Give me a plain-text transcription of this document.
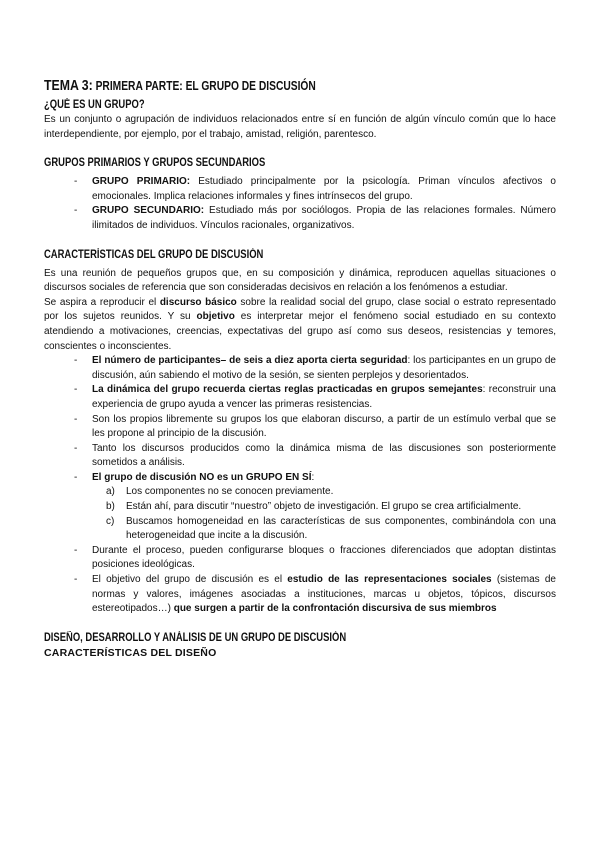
TEMA 3: PRIMERA PARTE: EL GRUPO DE DISCUSIÓN
¿QUÉ ES UN GRUPO?

Es un conjunto o agrupación de individuos relacionados entre sí en función de algún vínculo común que lo hace interdependiente, por ejemplo, por el trabajo, amistad, religión, parentesco.

GRUPOS PRIMARIOS Y GRUPOS SECUNDARIOS
- GRUPO PRIMARIO: Estudiado principalmente por la psicología. Priman vínculos afectivos o emocionales. Implica relaciones informales y fines intrínsecos del grupo.
- GRUPO SECUNDARIO: Estudiado más por sociólogos. Propia de las relaciones formales. Número ilimitados de individuos. Vínculos racionales, organizativos.
CARACTERÍSTICAS DEL GRUPO DE DISCUSIÓN

Es una reunión de pequeños grupos que, en su composición y dinámica, reproducen aquellas situaciones o discursos sociales de referencia que son consideradas decisivos en relación a los fenómenos a estudiar.

Se aspira a reproducir el discurso básico sobre la realidad social del grupo, clase social o estrato representado por los sujetos reunidos. Y su objetivo es interpretar mejor el fenómeno social estudiado en su contexto atendiendo a motivaciones, creencias, expectativas del grupo así como sus deseos, resistencias y temores, conscientes o inconscientes.

- El número de participantes– de seis a diez aporta cierta seguridad: los participantes en un grupo de discusión, aún sabiendo el motivo de la sesión, se sienten perplejos y desorientados.
- La dinámica del grupo recuerda ciertas reglas practicadas en grupos semejantes: reconstruir una experiencia de grupo ayuda a vencer las primeras resistencias.
- Son los propios libremente su grupos los que elaboran discurso, a partir de un estímulo verbal que se les propone al principio de la discusión.
- Tanto los discursos producidos como la dinámica misma de las discusiones son posteriormente sometidos a análisis.
- El grupo de discusión NO es un GRUPO EN SÍ:
a) Los componentes no se conocen previamente.
b) Están ahí, para discutir “nuestro” objeto de investigación. El grupo se crea artificialmente.
c) Buscamos homogeneidad en las características de sus componentes, combinándola con una heterogeneidad que incite a la discusión.
- Durante el proceso, pueden configurarse bloques o fracciones diferenciados que adoptan distintas posiciones ideológicas.
- El objetivo del grupo de discusión es el estudio de las representaciones sociales (sistemas de normas y valores, imágenes asociadas a instituciones, marcas u objetos, tópicos, discursos estereotipados…) que surgen a partir de la confrontación discursiva de sus miembros
DISEÑO, DESARROLLO Y ANÁLISIS DE UN GRUPO DE DISCUSIÓN
CARACTERÍSTICAS DEL DISEÑO
